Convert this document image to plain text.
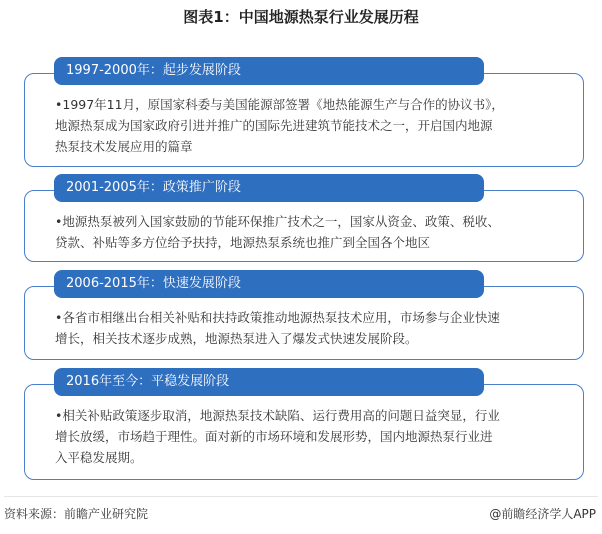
图表1：中国地源热泵行业发展历程

•1997年11月，原国家科委与美国能源部签署《地热能源生产与合作的协议书》，

地源热泵成为国家政府引进并推广的国际先进建筑节能技术之一，开启国内地源

热泵技术发展应用的篇章

1997-2000年：起步发展阶段

•地源热泵被列入国家鼓励的节能环保推广技术之一，国家从资金、政策、税收、

贷款、补贴等多方位给予扶持，地源热泵系统也推广到全国各个地区

2001-2005年：政策推广阶段

•各省市相继出台相关补贴和扶持政策推动地源热泵技术应用，市场参与企业快速

增长，相关技术逐步成熟，地源热泵进入了爆发式快速发展阶段。

2006-2015年：快速发展阶段

•相关补贴政策逐步取消，地源热泵技术缺陷、运行费用高的问题日益突显，行业

增长放缓，市场趋于理性。面对新的市场环境和发展形势，国内地源热泵行业进

入平稳发展期。

2016年至今：平稳发展阶段
资料来源：前瞻产业研究院	@前瞻经济学人APP
